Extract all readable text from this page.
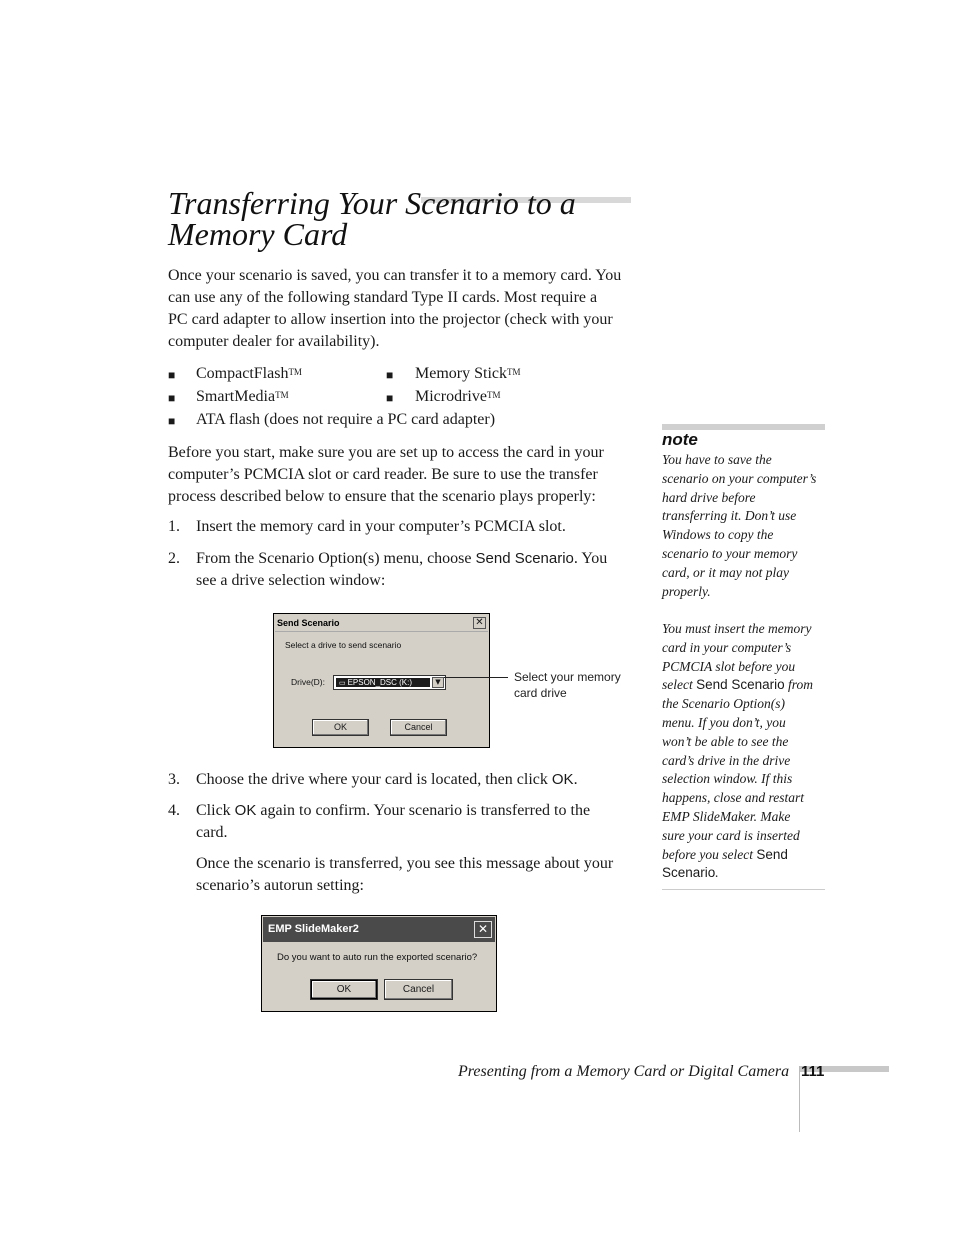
Transferring Your Scenario to a
Memory Card
Once your scenario is saved, you can transfer it to a memory card. You
can use any of the following standard Type II cards. Most require a
PC card adapter to allow insertion into the projector (check with your
computer dealer for availability).
■ CompactFlash™	■ Memory Stick™
■ SmartMedia™	■ Microdrive™
■ ATA flash (does not require a PC card adapter)
Before you start, make sure you are set up to access the card in your
computer’s PCMCIA slot or card reader. Be sure to use the transfer
process described below to ensure that the scenario plays properly:
1. Insert the memory card in your computer’s PCMCIA slot.
2. From the Scenario Option(s) menu, choose Send Scenario. You
see a drive selection window:
Send Scenario	✕
Select a drive to send scenario
Drive(D):	▭ EPSON_DSC (K:)	▼
OK	Cancel
Select your memory
card drive
3. Choose the drive where your card is located, then click OK.
4. Click OK again to confirm. Your scenario is transferred to the
card.
Once the scenario is transferred, you see this message about your
scenario’s autorun setting:
EMP SlideMaker2	✕
Do you want to auto run the exported scenario?
OK	Cancel
note
You have to save the
scenario on your computer’s
hard drive before
transferring it. Don’t use
Windows to copy the
scenario to your memory
card, or it may not play
properly.
You must insert the memory
card in your computer’s
PCMCIA slot before you
select Send Scenario from
the Scenario Option(s)
menu. If you don’t, you
won’t be able to see the
card’s drive in the drive
selection window. If this
happens, close and restart
EMP SlideMaker. Make
sure your card is inserted
before you select Send
Scenario.
Presenting from a Memory Card or Digital Camera 111
